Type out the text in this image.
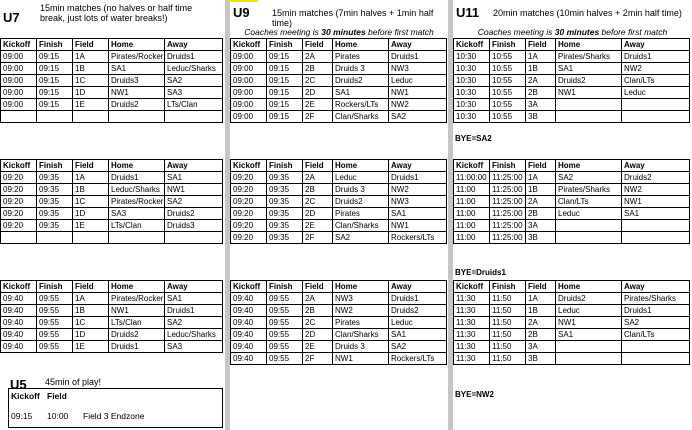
U7
15min matches (no halves or half time break, just lots of water breaks!)
Kickoff	Finish	Field	Home	Away
09:00	09:15	1A	Pirates/Rocker	Druids1
09:00	09:15	1B	SA1	Leduc/Sharks
09:00	09:15	1C	Druids3	SA2
09:00	09:15	1D	NW1	SA3
09:00	09:15	1E	Druids2	LTs/Clan

Kickoff	Finish	Field	Home	Away
09:20	09:35	1A	Druids1	SA1
09:20	09:35	1B	Leduc/Sharks	NW1
09:20	09:35	1C	Pirates/Rocker	SA2
09:20	09:35	1D	SA3	Druids2
09:20	09:35	1E	LTs/Clan	Druids3

Kickoff	Finish	Field	Home	Away
09:40	09:55	1A	Pirates/Rocker	SA1
09:40	09:55	1B	NW1	Druids1
09:40	09:55	1C	LTs/Clan	SA2
09:40	09:55	1D	Druids2	Leduc/Sharks
09:40	09:55	1E	Druids1	SA3
U5 45min of play!
Kickoff Field
09:15 10:00 Field 3 Endzone
U9 15min matches (7min halves + 1min half time)
Coaches meeting is 30 minutes before first match
Kickoff	Finish	Field	Home	Away
09:00	09:15	2A	Pirates	Druids1
09:00	09:15	2B	Druids 3	NW3
09:00	09:15	2C	Druids2	Leduc
09:00	09:15	2D	SA1	NW1
09:00	09:15	2E	Rockers/LTs	NW2
09:00	09:15	2F	Clan/Sharks	SA2
Kickoff	Finish	Field	Home	Away
09:20	09:35	2A	Leduc	Druids1
09:20	09:35	2B	Druids 3	NW2
09:20	09:35	2C	Druids2	NW3
09:20	09:35	2D	Pirates	SA1
09:20	09:35	2E	Clan/Sharks	NW1
09:20	09:35	2F	SA2	Rockers/LTs
Kickoff	Finish	Field	Home	Away
09:40	09:55	2A	NW3	Druids1
09:40	09:55	2B	NW2	Druids2
09:40	09:55	2C	Pirates	Leduc
09:40	09:55	2D	Clan/Sharks	SA1
09:40	09:55	2E	Druids 3	SA2
09:40	09:55	2F	NW1	Rockers/LTs
U11 20min matches (10min halves + 2min half time)
Coaches meeting is 30 minutes before first match
Kickoff	Finish	Field	Home	Away
10:30	10:55	1A	Pirates/Sharks	Druids1
10:30	10:55	1B	SA1	NW2
10:30	10:55	2A	Druids2	Clan/LTs
10:30	10:55	2B	NW1	Leduc
10:30	10:55	3A		
10:30	10:55	3B		
BYE=SA2
Kickoff	Finish	Field	Home	Away
11:00:00	11:25:00	1A	SA2	Druids2
11:00	11:25:00	1B	Pirates/Sharks	NW2
11:00	11:25:00	2A	Clan/LTs	NW1
11:00	11:25:00	2B	Leduc	SA1
11:00	11:25:00	3A		
11:00	11:25:00	3B		
BYE=Druids1
Kickoff	Finish	Field	Home	Away
11:30	11:50	1A	Druids2	Pirates/Sharks
11:30	11:50	1B	Leduc	Druids1
11:30	11:50	2A	NW1	SA2
11:30	11:50	2B	SA1	Clan/LTs
11:30	11:50	3A		
11:30	11:50	3B		
BYE=NW2
